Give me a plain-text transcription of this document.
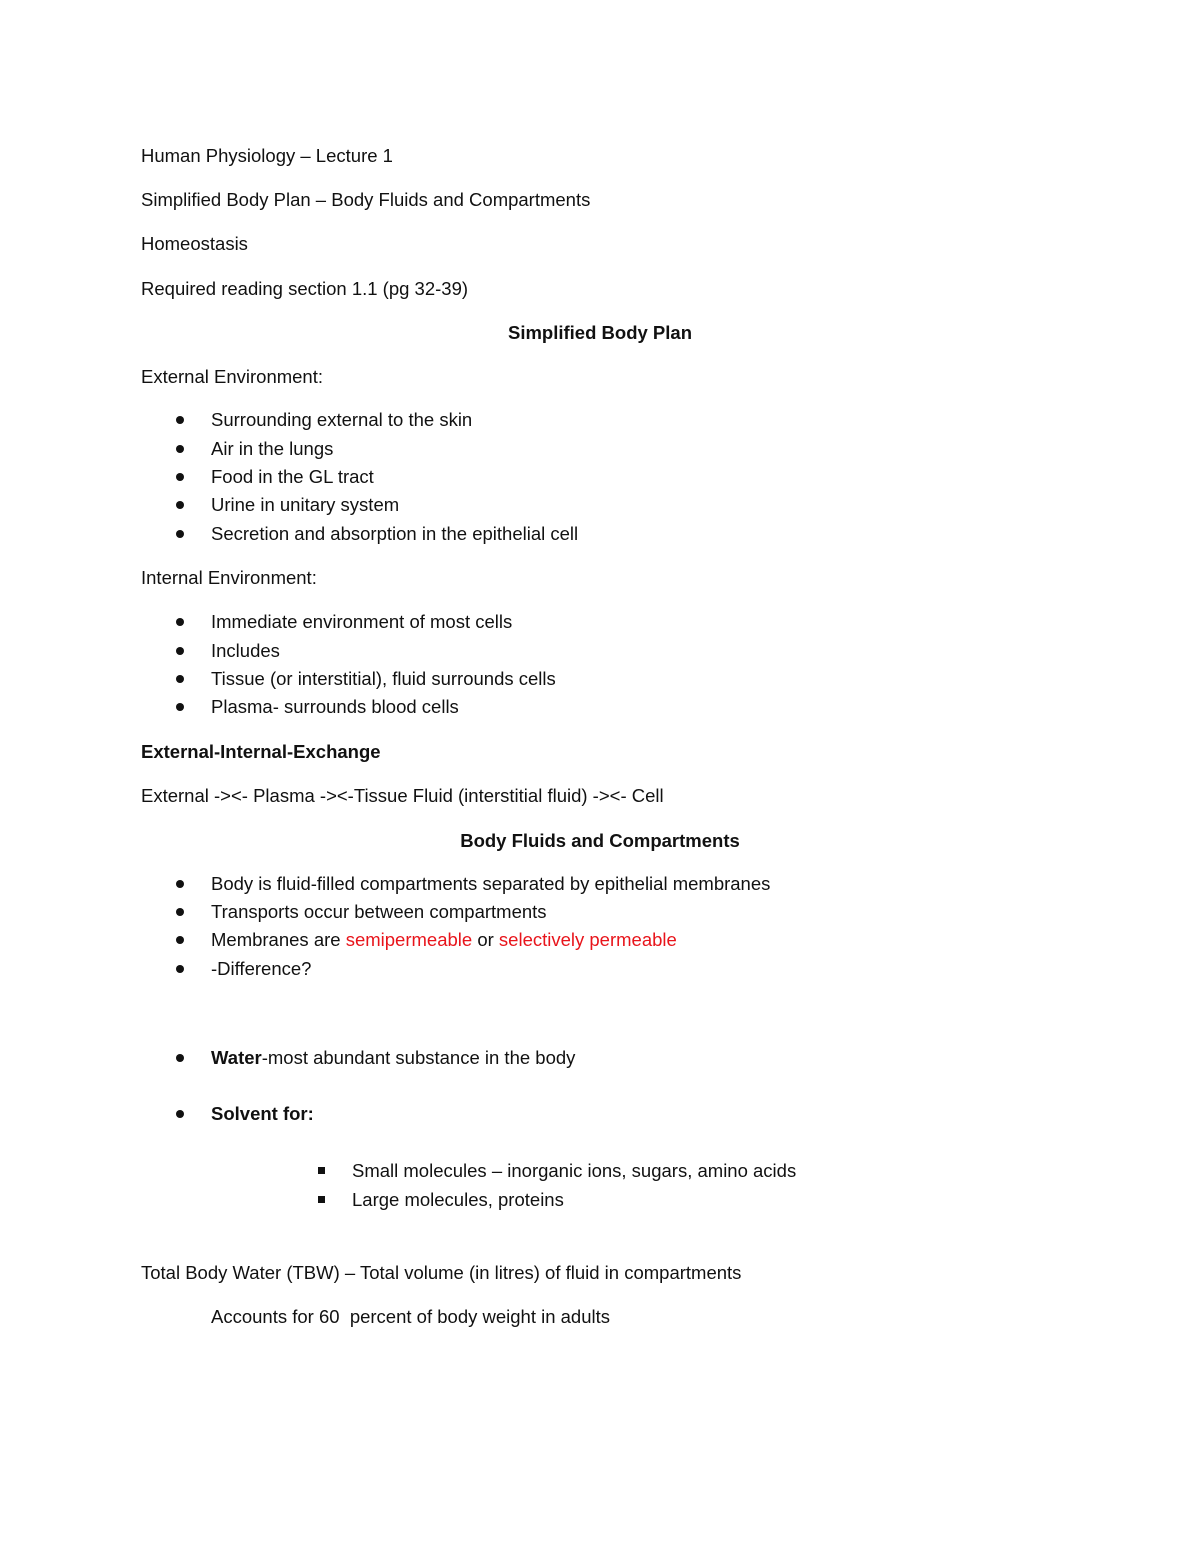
Human Physiology – Lecture 1
Simplified Body Plan – Body Fluids and Compartments
Homeostasis
Required reading section 1.1 (pg 32-39)
Simplified Body Plan
External Environment:
Surrounding external to the skin
Air in the lungs
Food in the GL tract
Urine in unitary system
Secretion and absorption in the epithelial cell
Internal Environment:
Immediate environment of most cells
Includes
Tissue (or interstitial), fluid surrounds cells
Plasma- surrounds blood cells
External-Internal-Exchange
External -><- Plasma -><-Tissue Fluid (interstitial fluid) -><- Cell
Body Fluids and Compartments
Body is fluid-filled compartments separated by epithelial membranes
Transports occur between compartments
Membranes are semipermeable or selectively permeable
-Difference?
Water-most abundant substance in the body
Solvent for:
Small molecules – inorganic ions, sugars, amino acids
Large molecules, proteins
Total Body Water (TBW) – Total volume (in litres) of fluid in compartments
Accounts for 60  percent of body weight in adults
